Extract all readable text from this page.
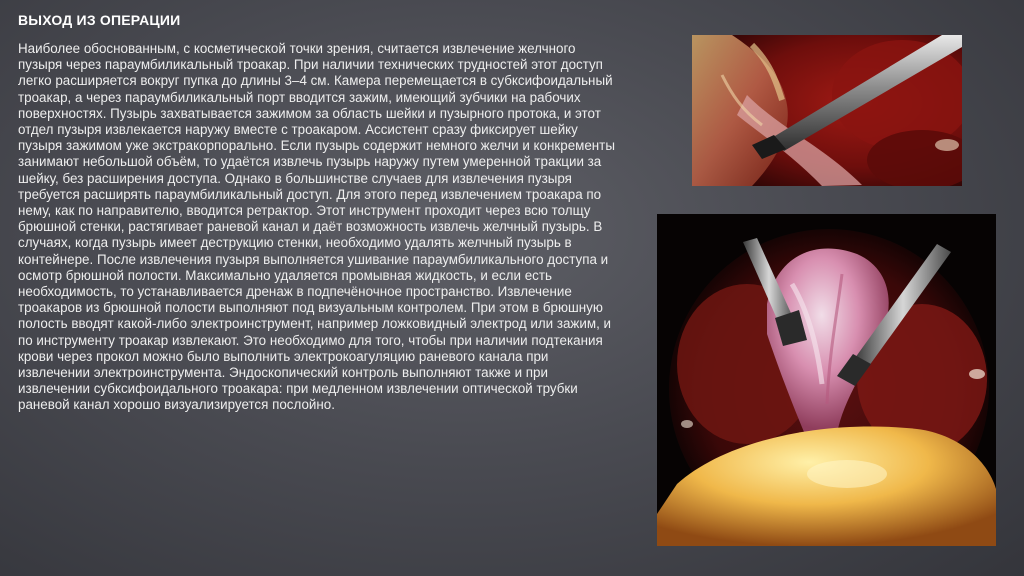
ВЫХОД ИЗ ОПЕРАЦИИ

Наиболее обоснованным, с косметической точки зрения, считается извлечение желчного пузыря через параумбиликальный троакар. При наличии технических трудностей этот доступ легко расширяется вокруг пупка до длины 3–4 см. Камера перемещается в субксифоидальный троакар, а через параумбиликальный порт вводится зажим, имеющий зубчики на рабочих поверхностях. Пузырь захватывается зажимом за область шейки и пузырного протока, и этот отдел пузыря извлекается наружу вместе с троакаром. Ассистент сразу фиксирует шейку пузыря зажимом уже экстракорпорально. Если пузырь содержит немного желчи и конкременты занимают небольшой объём, то удаётся извлечь пузырь наружу путем умеренной тракции за шейку, без расширения доступа. Однако в большинстве случаев для извлечения пузыря требуется расширять параумбиликальный доступ. Для этого перед извлечением троакара по нему, как по направителю, вводится ретрактор. Этот инструмент проходит через всю толщу брюшной стенки, растягивает раневой канал и даёт возможность извлечь желчный пузырь. В случаях, когда пузырь имеет деструкцию стенки, необходимо удалять желчный пузырь в контейнере. После извлечения пузыря выполняется ушивание параумбиликального доступа и осмотр брюшной полости. Максимально удаляется промывная жидкость, и если есть необходимость, то устанавливается дренаж в подпечёночное пространство. Извлечение троакаров из брюшной полости выполняют под визуальным контролем. При этом в брюшную полость вводят какой-либо электроинструмент, например ложковидный электрод или зажим, и по инструменту троакар извлекают. Это необходимо для того, чтобы при наличии подтекания крови через прокол можно было выполнить электрокоагуляцию раневого канала при извлечении электроинструмента. Эндоскопический контроль выполняют также и при извлечении субксифоидального троакара: при медленном извлечении оптической трубки раневой канал хорошо визуализируется послойно.
